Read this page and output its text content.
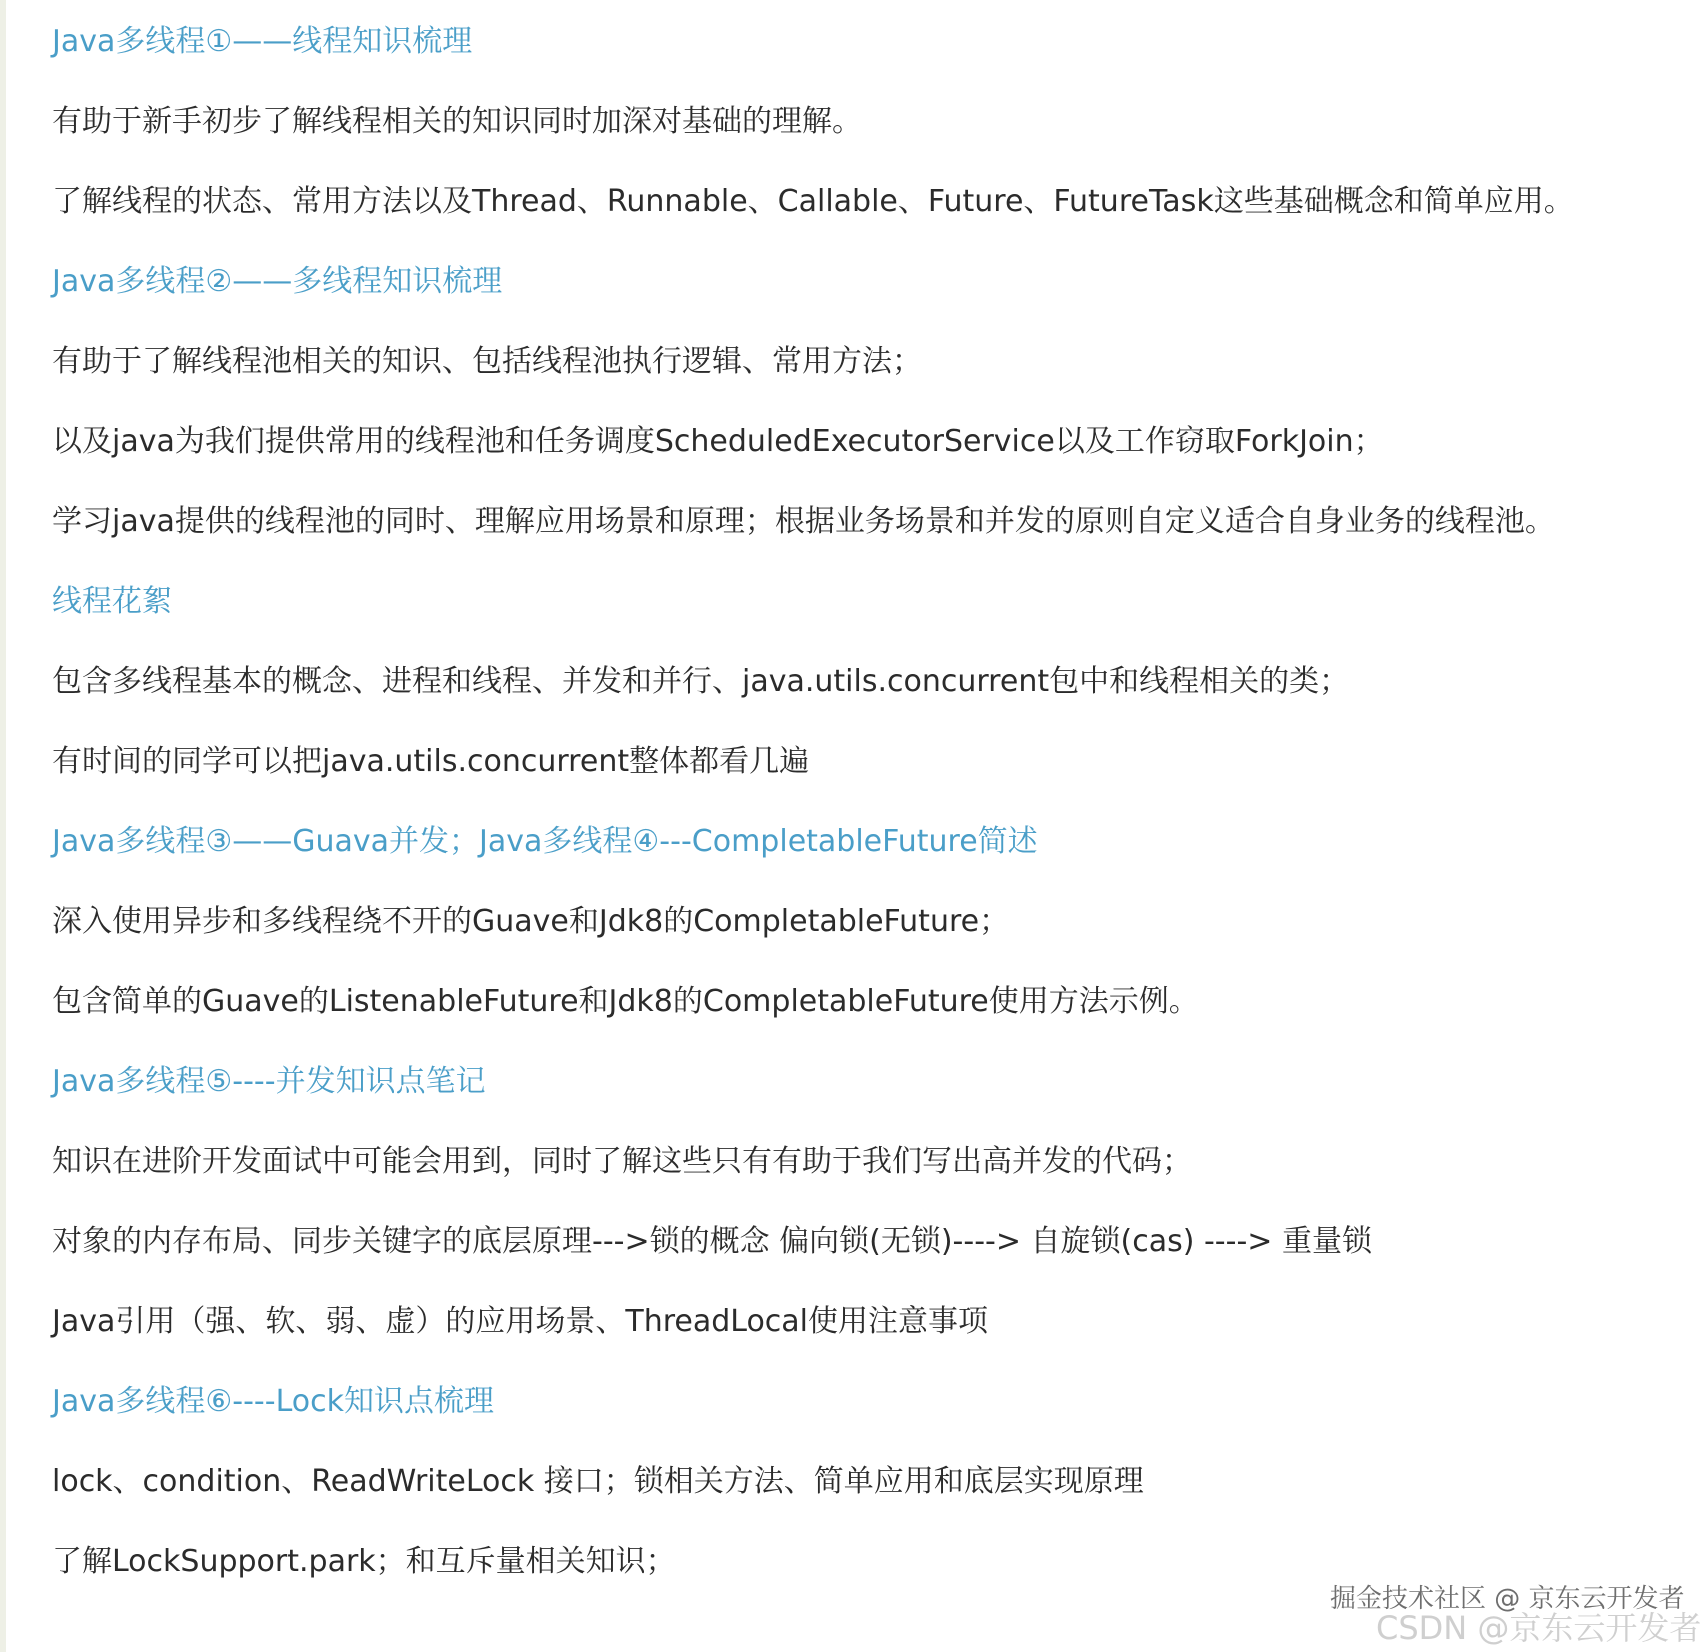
Java多线程①——线程知识梳理
有助于新手初步了解线程相关的知识同时加深对基础的理解。
了解线程的状态、常用方法以及Thread、Runnable、Callable、Future、FutureTask这些基础概念和简单应用。
Java多线程②——多线程知识梳理
有助于了解线程池相关的知识、包括线程池执行逻辑、常用方法；
以及java为我们提供常用的线程池和任务调度ScheduledExecutorService以及工作窃取ForkJoin；
学习java提供的线程池的同时、理解应用场景和原理；根据业务场景和并发的原则自定义适合自身业务的线程池。
线程花絮
包含多线程基本的概念、进程和线程、并发和并行、java.utils.concurrent包中和线程相关的类；
有时间的同学可以把java.utils.concurrent整体都看几遍
Java多线程③——Guava并发；Java多线程④---CompletableFuture简述
深入使用异步和多线程绕不开的Guave和Jdk8的CompletableFuture；
包含简单的Guave的ListenableFuture和Jdk8的CompletableFuture使用方法示例。
Java多线程⑤----并发知识点笔记
知识在进阶开发面试中可能会用到，同时了解这些只有有助于我们写出高并发的代码；
对象的内存布局、同步关键字的底层原理--->锁的概念 偏向锁(无锁)----> 自旋锁(cas) ----> 重量锁
Java引用（强、软、弱、虚）的应用场景、ThreadLocal使用注意事项
Java多线程⑥----Lock知识点梳理
lock、condition、ReadWriteLock 接口；锁相关方法、简单应用和底层实现原理
了解LockSupport.park；和互斥量相关知识；
掘金技术社区 @ 京东云开发者
CSDN @京东云开发者
